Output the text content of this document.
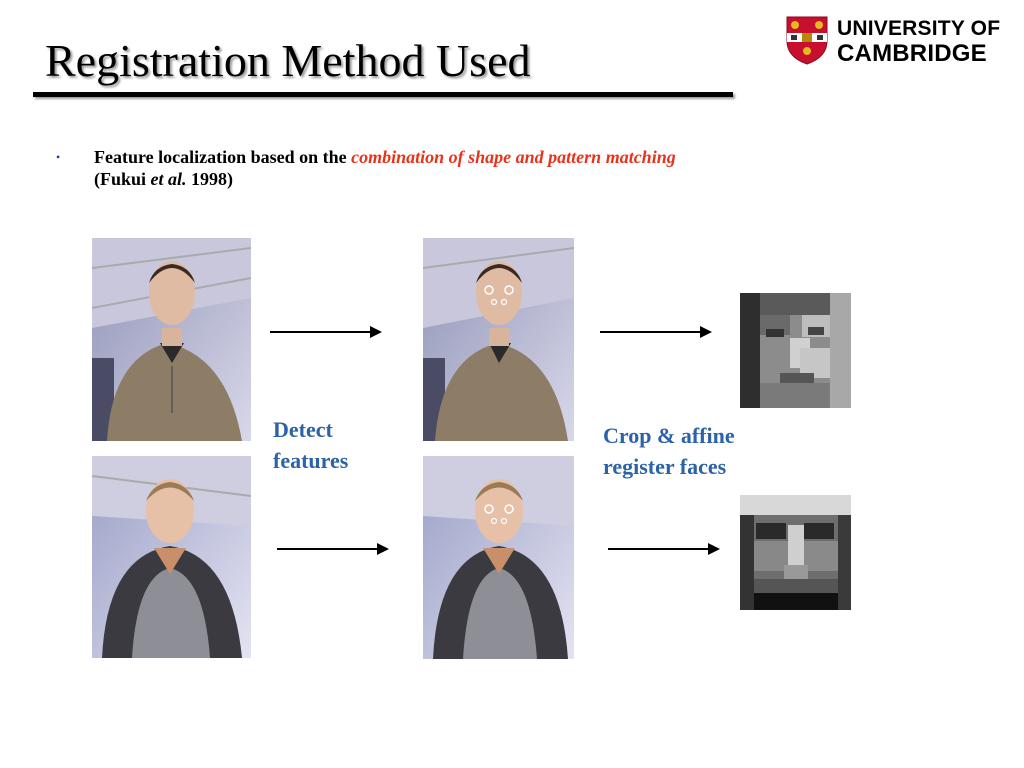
Registration Method Used
UNIVERSITY OF
CAMBRIDGE
• Feature localization based on the combination of shape and pattern matching
(Fukui et al. 1998)
Detect
features
Crop & affine
register faces
